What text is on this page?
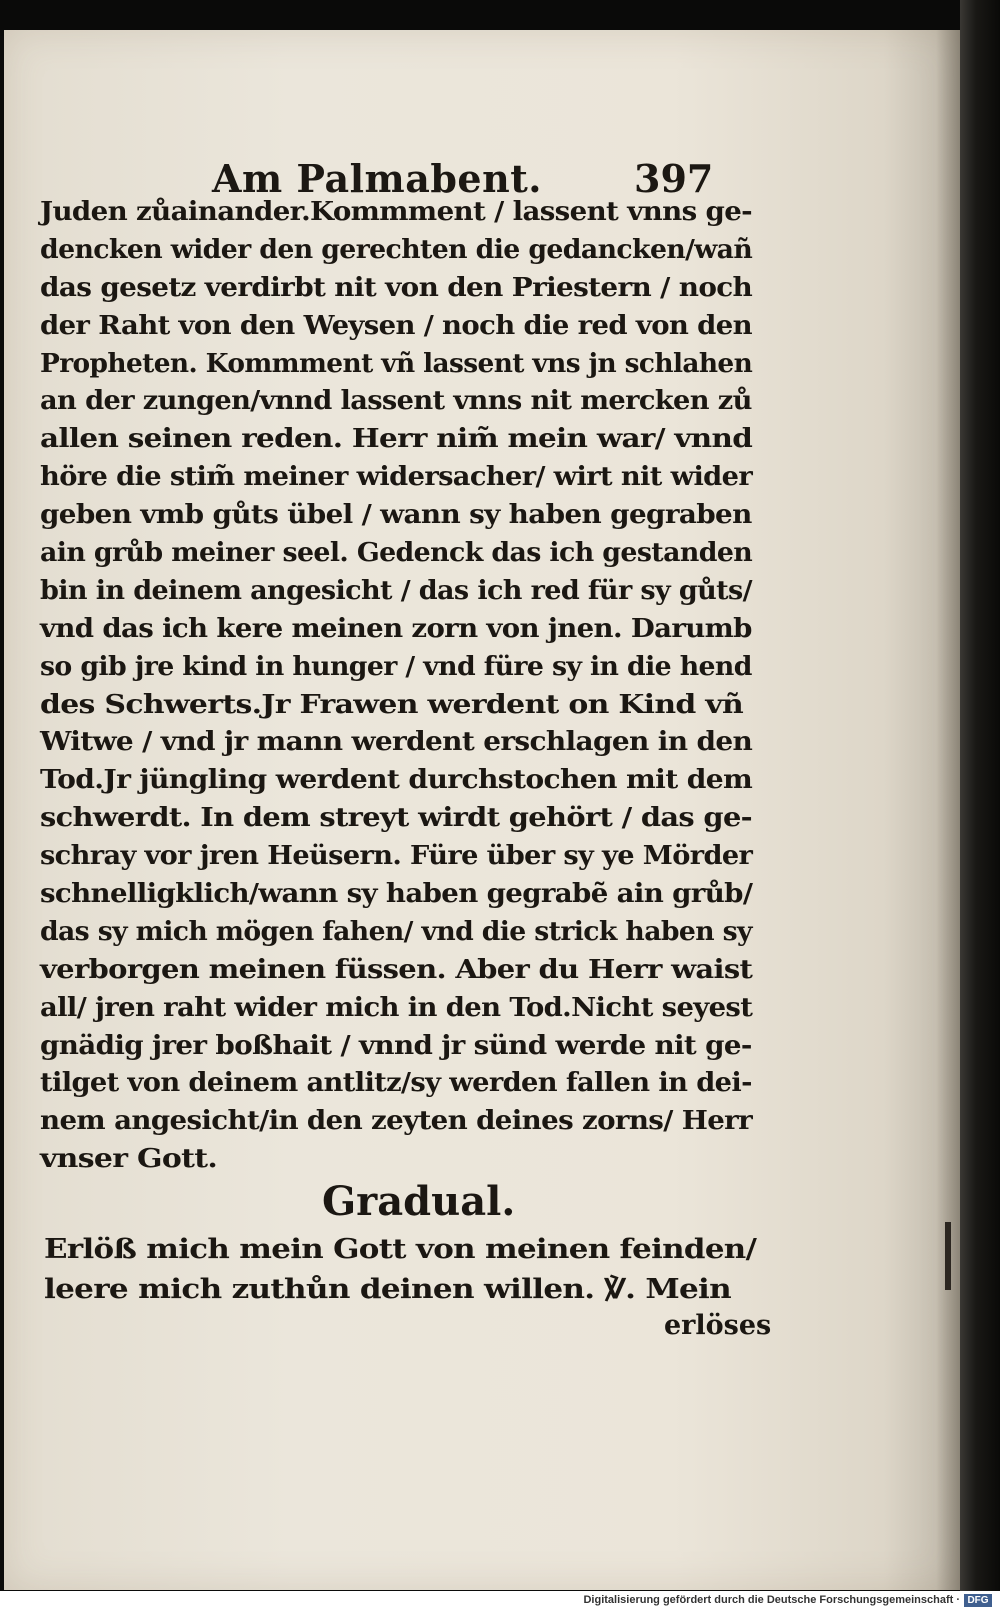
Am Palmabent. 397
Juden zůainander.Kommment / lassent vnns ge-
dencken wider den gerechten die gedancken/wañ
das gesetz verdirbt nit von den Priestern / noch
der Raht von den Weysen / noch die red von den
Propheten. Kommment vñ lassent vns jn schlahen
an der zungen/vnnd lassent vnns nit mercken zů
allen seinen reden. Herr nim̃ mein war/ vnnd
höre die stim̃ meiner widersacher/ wirt nit wider
geben vmb gůts übel / wann sy haben gegraben
ain grůb meiner seel. Gedenck das ich gestanden
bin in deinem angesicht / das ich red für sy gůts/
vnd das ich kere meinen zorn von jnen. Darumb
so gib jre kind in hunger / vnd füre sy in die hend
des Schwerts.Jr Frawen werdent on Kind vñ
Witwe / vnd jr mann werdent erschlagen in den
Tod.Jr jüngling werdent durchstochen mit dem
schwerdt. In dem streyt wirdt gehört / das ge-
schray vor jren Heüsern. Füre über sy ye Mörder
schnelligklich/wann sy haben gegrabẽ ain grůb/
das sy mich mögen fahen/ vnd die strick haben sy
verborgen meinen füssen. Aber du Herr waist
all/ jren raht wider mich in den Tod.Nicht seyest
gnädig jrer boßhait / vnnd jr sünd werde nit ge-
tilget von deinem antlitz/sy werden fallen in dei-
nem angesicht/in den zeyten deines zorns/ Herr
vnser Gott.
Gradual.
Erlöß mich mein Gott von meinen feinden/
leere mich zuthůn deinen willen. ℣. Mein
erlöses
Digitalisierung gefördert durch die Deutsche Forschungsgemeinschaft · DFG
